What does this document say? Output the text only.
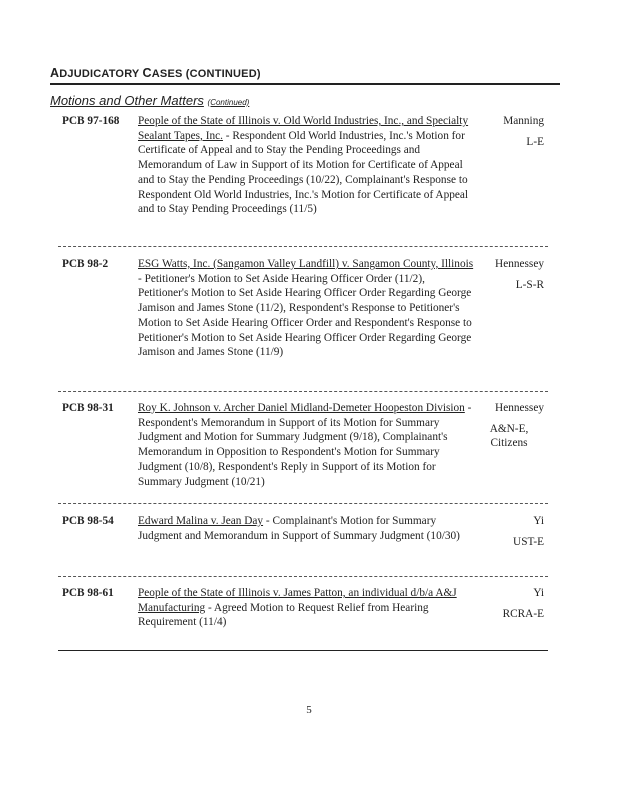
ADJUDICATORY CASES (CONTINUED)
Motions and Other Matters (Continued)
PCB 97-168 People of the State of Illinois v. Old World Industries, Inc., and Specialty Sealant Tapes, Inc. - Respondent Old World Industries, Inc.'s Motion for Certificate of Appeal and to Stay the Pending Proceedings and Memorandum of Law in Support of its Motion for Certificate of Appeal and to Stay the Pending Proceedings (10/22), Complainant's Response to Respondent Old World Industries, Inc.'s Motion for Certificate of Appeal and to Stay Pending Proceedings (11/5)
Manning
L-E
PCB 98-2	ESG Watts, Inc. (Sangamon Valley Landfill) v. Sangamon County, Illinois - Petitioner's Motion to Set Aside Hearing Officer Order (11/2), Petitioner's Motion to Set Aside Hearing Officer Order Regarding George Jamison and James Stone (11/2), Respondent's Response to Petitioner's Motion to Set Aside Hearing Officer Order and Respondent's Response to Petitioner's Motion to Set Aside Hearing Officer Order Regarding George Jamison and James Stone (11/9)
Hennessey
L-S-R
PCB 98-31 Roy K. Johnson v. Archer Daniel Midland-Demeter Hoopeston Division - Respondent's Memorandum in Support of its Motion for Summary Judgment and Motion for Summary Judgment (9/18), Complainant's Memorandum in Opposition to Respondent's Motion for Summary Judgment (10/8), Respondent's Reply in Support of its Motion for Summary Judgment (10/21)
Hennessey
A&N-E, Citizens
PCB 98-54 Edward Malina v. Jean Day - Complainant's Motion for Summary Judgment and Memorandum in Support of Summary Judgment (10/30)
Yi
UST-E
PCB 98-61 People of the State of Illinois v. James Patton, an individual d/b/a A&J Manufacturing - Agreed Motion to Request Relief from Hearing Requirement (11/4)
Yi
RCRA-E
5
